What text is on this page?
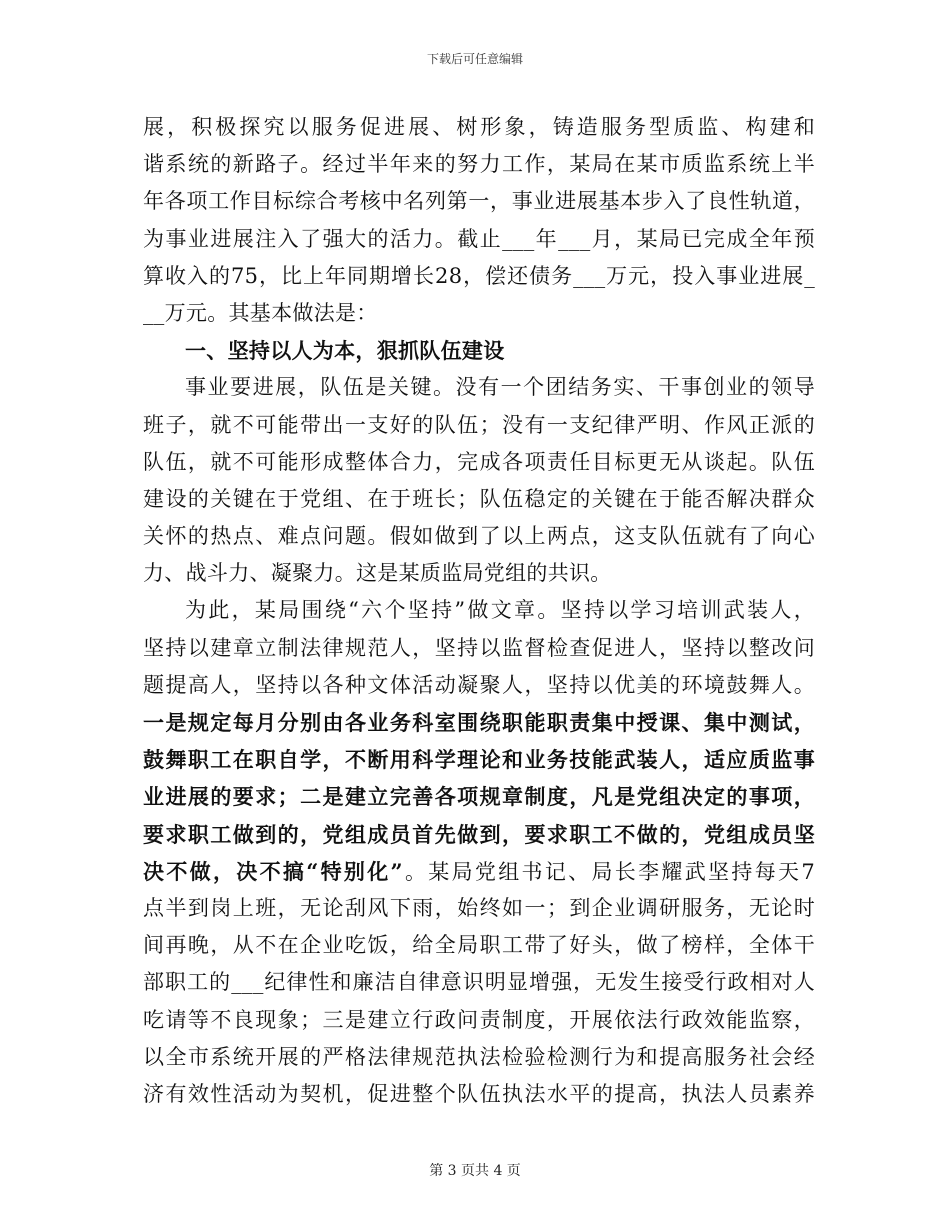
下载后可任意编辑
展，积极探究以服务促进展、树形象，铸造服务型质监、构建和
谐系统的新路子。经过半年来的努力工作，某局在某市质监系统上半
年各项工作目标综合考核中名列第一，事业进展基本步入了良性轨道，
为事业进展注入了强大的活力。截止___年___月，某局已完成全年预
算收入的75，比上年同期增长28，偿还债务___万元，投入事业进展_
__万元。其基本做法是：
一、坚持以人为本，狠抓队伍建设
事业要进展，队伍是关键。没有一个团结务实、干事创业的领导
班子，就不可能带出一支好的队伍；没有一支纪律严明、作风正派的
队伍，就不可能形成整体合力，完成各项责任目标更无从谈起。队伍
建设的关键在于党组、在于班长；队伍稳定的关键在于能否解决群众
关怀的热点、难点问题。假如做到了以上两点，这支队伍就有了向心
力、战斗力、凝聚力。这是某质监局党组的共识。
为此，某局围绕“六个坚持”做文章。坚持以学习培训武装人，
坚持以建章立制法律规范人，坚持以监督检查促进人，坚持以整改问
题提高人，坚持以各种文体活动凝聚人，坚持以优美的环境鼓舞人。
一是规定每月分别由各业务科室围绕职能职责集中授课、集中测试，
鼓舞职工在职自学，不断用科学理论和业务技能武装人，适应质监事
业进展的要求；二是建立完善各项规章制度，凡是党组决定的事项，
要求职工做到的，党组成员首先做到，要求职工不做的，党组成员坚
决不做，决不搞“特别化”。某局党组书记、局长李耀武坚持每天7
点半到岗上班，无论刮风下雨，始终如一；到企业调研服务，无论时
间再晚，从不在企业吃饭，给全局职工带了好头，做了榜样，全体干
部职工的___纪律性和廉洁自律意识明显增强，无发生接受行政相对人
吃请等不良现象；三是建立行政问责制度，开展依法行政效能监察，
以全市系统开展的严格法律规范执法检验检测行为和提高服务社会经
济有效性活动为契机，促进整个队伍执法水平的提高，执法人员素养
第 3 页共 4 页
